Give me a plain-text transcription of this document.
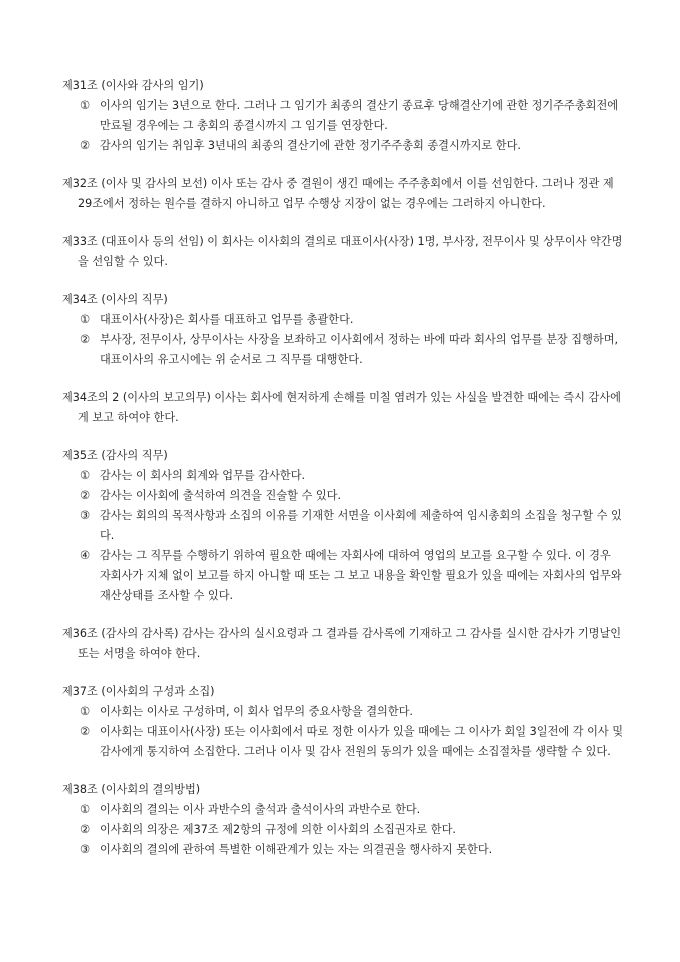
제31조 (이사와 감사의 임기)
① 이사의 임기는 3년으로 한다. 그러나 그 임기가 최종의 결산기 종료후 당해결산기에 관한 정기주주총회전에 만료될 경우에는 그 총회의 종결시까지 그 임기를 연장한다.
② 감사의 임기는 취임후 3년내의 최종의 결산기에 관한 정기주주총회 종결시까지로 한다.
제32조 (이사 및 감사의 보선) 이사 또는 감사 중 결원이 생긴 때에는 주주총회에서 이를 선임한다. 그러나 정관 제29조에서 정하는 원수를 결하지 아니하고 업무 수행상 지장이 없는 경우에는 그러하지 아니한다.
제33조 (대표이사 등의 선임) 이 회사는 이사회의 결의로 대표이사(사장) 1명, 부사장, 전무이사 및 상무이사 약간명을 선임할 수 있다.
제34조 (이사의 직무)
① 대표이사(사장)은 회사를 대표하고 업무를 총괄한다.
② 부사장, 전무이사, 상무이사는 사장을 보좌하고 이사회에서 정하는 바에 따라 회사의 업무를 분장 집행하며, 대표이사의 유고시에는 위 순서로 그 직무를 대행한다.
제34조의 2 (이사의 보고의무) 이사는 회사에 현저하게 손해를 미칠 염려가 있는 사실을 발견한 때에는 즉시 감사에게 보고 하여야 한다.
제35조 (감사의 직무)
① 감사는 이 회사의 회계와 업무를 감사한다.
② 감사는 이사회에 출석하여 의견을 진술할 수 있다.
③ 감사는 회의의 목적사항과 소집의 이유를 기재한 서면을 이사회에 제출하여 임시총회의 소집을 청구할 수 있다.
④ 감사는 그 직무를 수행하기 위하여 필요한 때에는 자회사에 대하여 영업의 보고를 요구할 수 있다. 이 경우 자회사가 지체 없이 보고를 하지 아니할 때 또는 그 보고 내용을 확인할 필요가 있을 때에는 자회사의 업무와 재산상태를 조사할 수 있다.
제36조 (감사의 감사록) 감사는 감사의 실시요령과 그 결과를 감사록에 기재하고 그 감사를 실시한 감사가 기명날인 또는 서명을 하여야 한다.
제37조 (이사회의 구성과 소집)
① 이사회는 이사로 구성하며, 이 회사 업무의 중요사항을 결의한다.
② 이사회는 대표이사(사장) 또는 이사회에서 따로 정한 이사가 있을 때에는 그 이사가 회일 3일전에 각 이사 및 감사에게 통지하여 소집한다. 그러나 이사 및 감사 전원의 동의가 있을 때에는 소집절차를 생략할 수 있다.
제38조 (이사회의 결의방법)
① 이사회의 결의는 이사 과반수의 출석과 출석이사의 과반수로 한다.
② 이사회의 의장은 제37조 제2항의 규정에 의한 이사회의 소집권자로 한다.
③ 이사회의 결의에 관하여 특별한 이해관계가 있는 자는 의결권을 행사하지 못한다.
